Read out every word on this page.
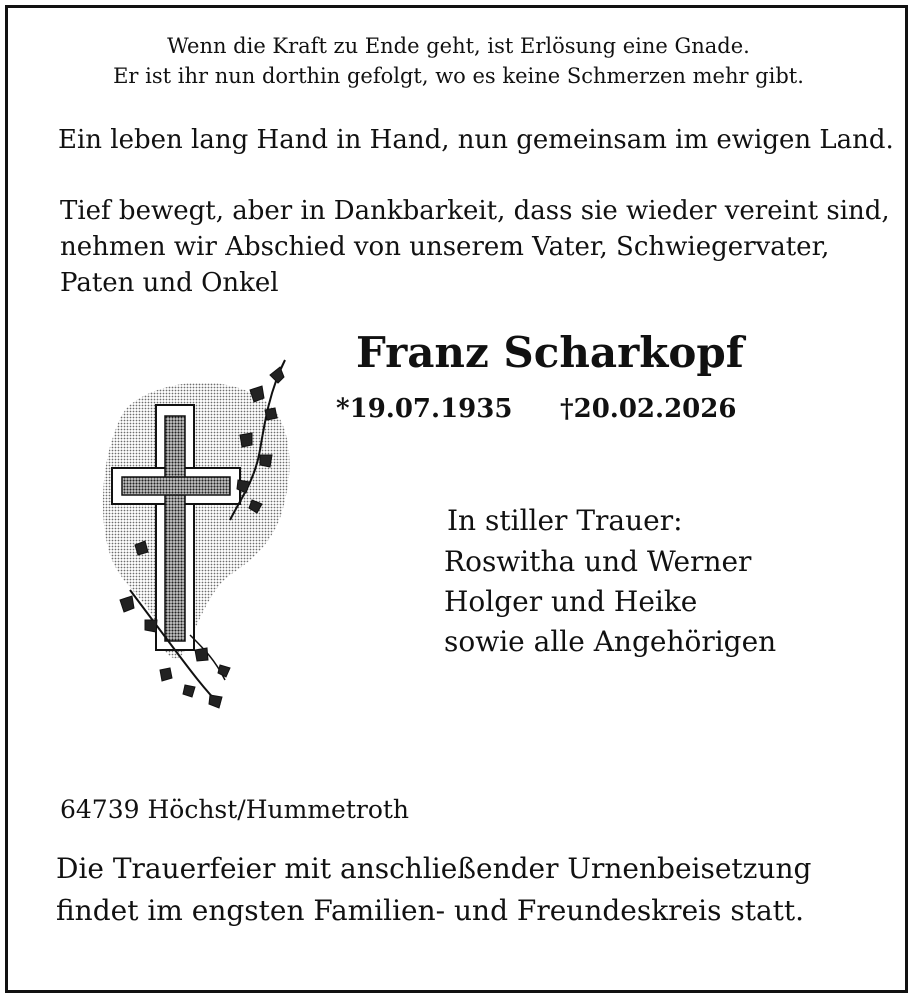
Wenn die Kraft zu Ende geht, ist Erlösung eine Gnade.

Er ist ihr nun dorthin gefolgt, wo es keine Schmerzen mehr gibt.

Ein leben lang Hand in Hand, nun gemeinsam im ewigen Land.

Tief bewegt, aber in Dankbarkeit, dass sie wieder vereint sind,

nehmen wir Abschied von unserem Vater, Schwiegervater,

Paten und Onkel

Franz Scharkopf

*19.07.1935 †20.02.2026

In stiller Trauer:

Roswitha und Werner

Holger und Heike

sowie alle Angehörigen

64739 Höchst/Hummetroth

Die Trauerfeier mit anschließender Urnenbeisetzung

findet im engsten Familien- und Freundeskreis statt.
